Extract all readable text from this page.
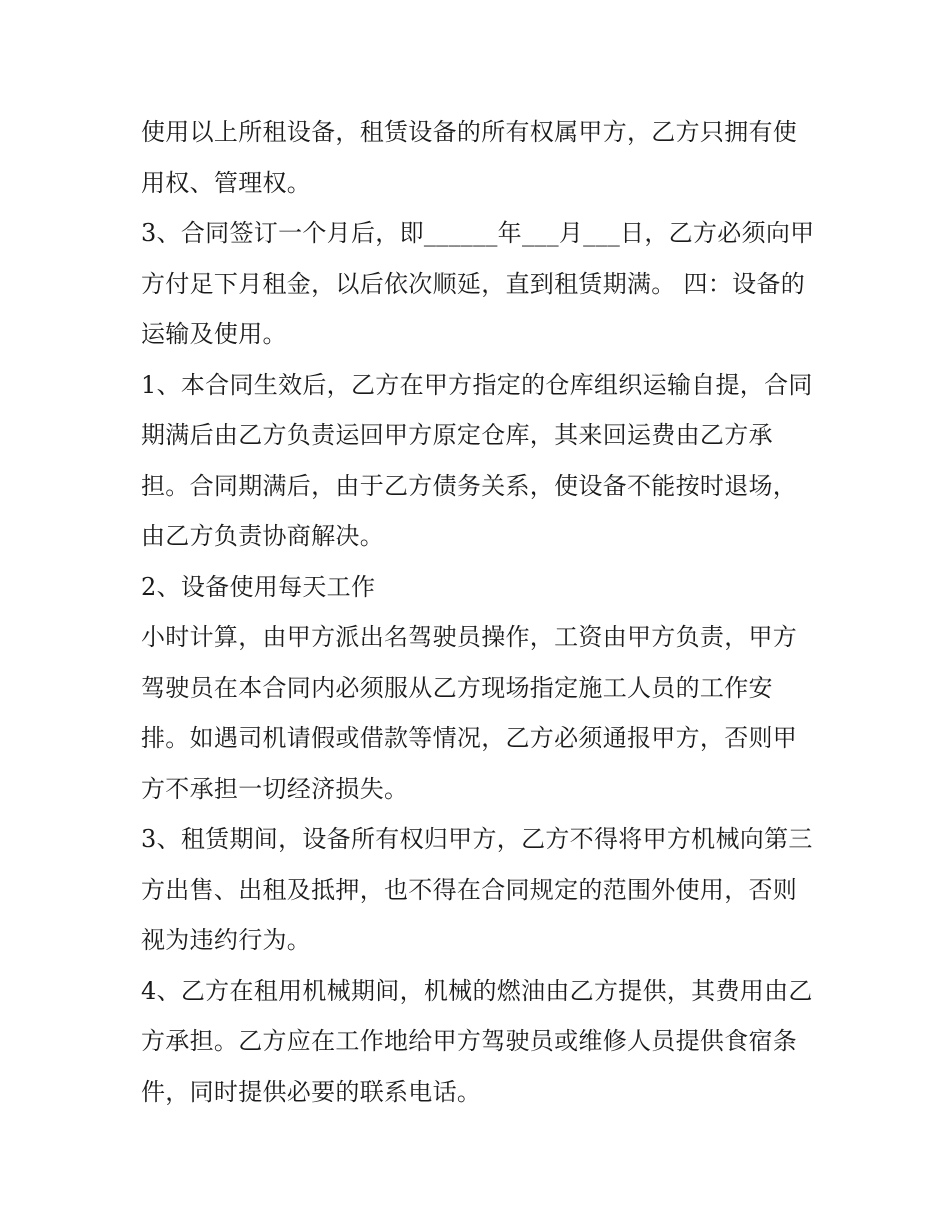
使用以上所租设备，租赁设备的所有权属甲方，乙方只拥有使用权、管理权。

3、合同签订一个月后，即______年___月___日，乙方必须向甲方付足下月租金，以后依次顺延，直到租赁期满。 四：设备的运输及使用。

1、本合同生效后，乙方在甲方指定的仓库组织运输自提，合同期满后由乙方负责运回甲方原定仓库，其来回运费由乙方承担。合同期满后，由于乙方债务关系，使设备不能按时退场，由乙方负责协商解决。

2、设备使用每天工作

小时计算，由甲方派出名驾驶员操作，工资由甲方负责，甲方驾驶员在本合同内必须服从乙方现场指定施工人员的工作安排。如遇司机请假或借款等情况，乙方必须通报甲方，否则甲方不承担一切经济损失。

3、租赁期间，设备所有权归甲方，乙方不得将甲方机械向第三方出售、出租及抵押，也不得在合同规定的范围外使用，否则视为违约行为。

4、乙方在租用机械期间，机械的燃油由乙方提供，其费用由乙方承担。乙方应在工作地给甲方驾驶员或维修人员提供食宿条件，同时提供必要的联系电话。
